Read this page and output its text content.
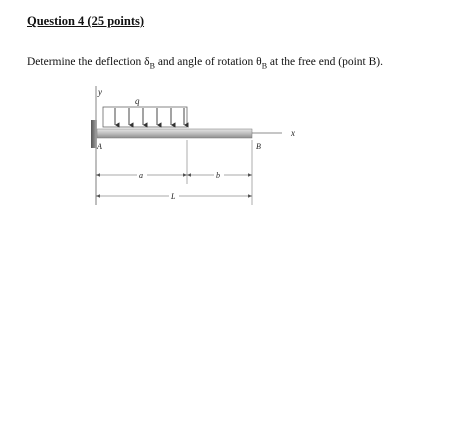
Question 4 (25 points)
Determine the deflection $\delta_B$ and angle of rotation $\theta_B$ at the free end (point B).
y
x
q
A	B
a	b
L
